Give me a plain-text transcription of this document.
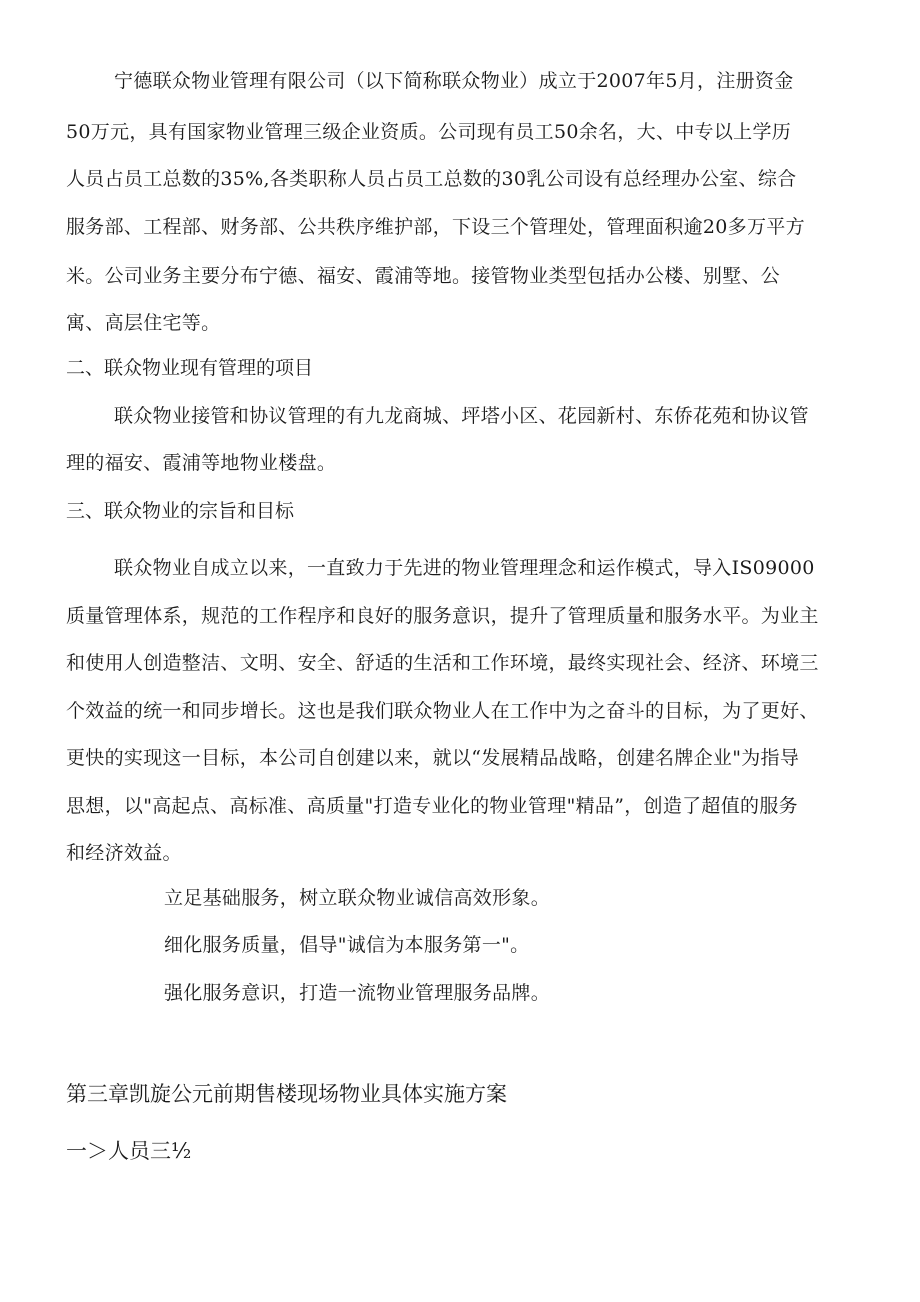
宁德联众物业管理有限公司（以下简称联众物业）成立于2007年5月，注册资金
50万元，具有国家物业管理三级企业资质。公司现有员工50余名，大、中专以上学历
人员占员工总数的35%,各类职称人员占员工总数的30乳公司设有总经理办公室、综合
服务部、工程部、财务部、公共秩序维护部，下设三个管理处，管理面积逾20多万平方
米。公司业务主要分布宁德、福安、霞浦等地。接管物业类型包括办公楼、别墅、公
寓、高层住宅等。
二、联众物业现有管理的项目
联众物业接管和协议管理的有九龙商城、坪塔小区、花园新村、东侨花苑和协议管
理的福安、霞浦等地物业楼盘。
三、联众物业的宗旨和目标
联众物业自成立以来，一直致力于先进的物业管理理念和运作模式，导入IS09000
质量管理体系，规范的工作程序和良好的服务意识，提升了管理质量和服务水平。为业主
和使用人创造整洁、文明、安全、舒适的生活和工作环境，最终实现社会、经济、环境三
个效益的统一和同步增长。这也是我们联众物业人在工作中为之奋斗的目标，为了更好、
更快的实现这一目标，本公司自创建以来，就以“发展精品战略，创建名牌企业"为指导
思想，以"高起点、高标准、高质量"打造专业化的物业管理"精品”，创造了超值的服务
和经济效益。
立足基础服务，树立联众物业诚信高效形象。
细化服务质量，倡导"诚信为本服务第一"。
强化服务意识，打造一流物业管理服务品牌。
第三章凯旋公元前期售楼现场物业具体实施方案
一＞人员三½
